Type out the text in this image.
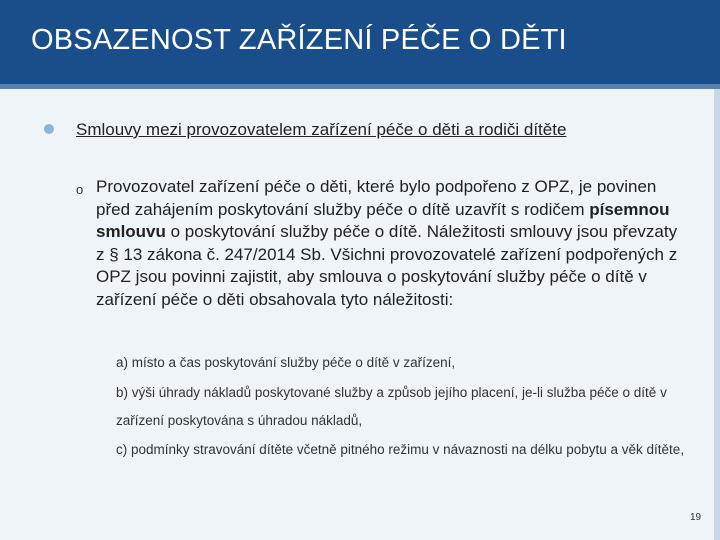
OBSAZENOST ZAŘÍZENÍ PÉČE O DĚTI
Smlouvy mezi provozovatelem zařízení péče o děti a rodiči dítěte
o Provozovatel zařízení péče o děti, které bylo podpořeno z OPZ, je povinen před zahájením poskytování služby péče o dítě uzavřít s rodičem písemnou smlouvu o poskytování služby péče o dítě. Náležitosti smlouvy jsou převzaty z § 13 zákona č. 247/2014 Sb. Všichni provozovatelé zařízení podpořených z OPZ jsou povinni zajistit, aby smlouva o poskytování služby péče o dítě v zařízení péče o děti obsahovala tyto náležitosti:
a) místo a čas poskytování služby péče o dítě v zařízení,
b) výši úhrady nákladů poskytované služby a způsob jejího placení, je-li služba péče o dítě v zařízení poskytována s úhradou nákladů,
c) podmínky stravování dítěte včetně pitného režimu v návaznosti na délku pobytu a věk dítěte,
19
